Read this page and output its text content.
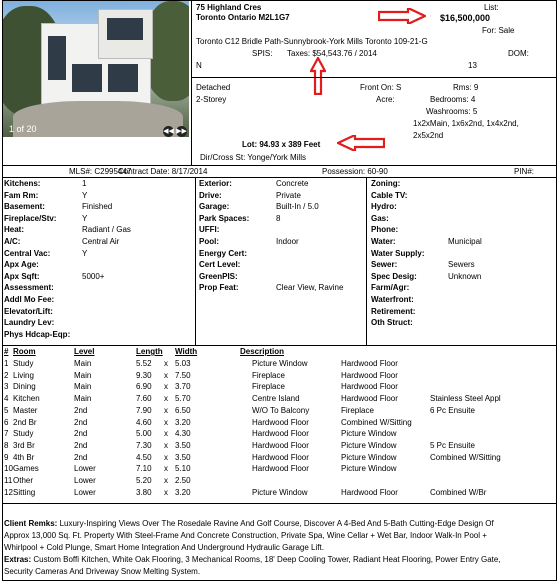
1 of 20	◀◀ ▶▶
75 Highland Cres
Toronto Ontario M2L1G7
List:
$16,500,000
For: Sale
Toronto C12 Bridle Path-Sunnybrook-York Mills Toronto 109-21-G
SPIS: Taxes: $54,543.76 / 2014	DOM:
N	13
Detached
2-Storey
Front On: S
Acre:
Rms: 9
Bedrooms: 4
Washrooms: 5
1x2xMain, 1x6x2nd, 1x4x2nd,
2x5x2nd
Lot: 94.93 x 389 Feet
Dir/Cross St: Yonge/York Mills
MLS#: C2995447
Contract Date: 8/17/2014	Possession: 60-90	PIN#:
Kitchens:	1
Fam Rm:	Y
Basement:	Finished
Fireplace/Stv:	Y
Heat:	Radiant / Gas
A/C:	Central Air
Central Vac:	Y
Apx Age:
Apx Sqft:	5000+
Assessment:
Addl Mo Fee:
Elevator/Lift:
Laundry Lev:
Phys Hdcap-Eqp:
Exterior:	Concrete
Drive:	Private
Garage:	Built-In / 5.0
Park Spaces:	8
UFFI:
Pool:	Indoor
Energy Cert:
Cert Level:
GreenPIS:
Prop Feat:	Clear View, Ravine
Zoning:
Cable TV:
Hydro:
Gas:
Phone:
Water:	Municipal
Water Supply:
Sewer:	Sewers
Spec Desig:	Unknown
Farm/Agr:
Waterfront:
Retirement:
Oth Struct:
# Room	Level	Length Width	Description
1 Study	Main	5.52 x 5.03	Picture Window	Hardwood Floor
2 Living	Main	9.30 x 7.50	Fireplace	Hardwood Floor
3 Dining	Main	6.90 x 3.70	Fireplace	Hardwood Floor
4 Kitchen	Main	7.60 x 5.70	Centre Island	Hardwood Floor	Stainless Steel Appl
5 Master	2nd	7.90 x 6.50	W/O To Balcony	Fireplace	6 Pc Ensuite
6 2nd Br	2nd	4.60 x 3.20	Hardwood Floor	Combined W/Sitting
7 Study	2nd	5.00 x 4.30	Hardwood Floor	Picture Window
8 3rd Br	2nd	7.30 x 3.50	Hardwood Floor	Picture Window	5 Pc Ensuite
9 4th Br	2nd	4.50 x 3.50	Hardwood Floor	Picture Window	Combined W/Sitting
10 Games	Lower	7.10 x 5.10	Hardwood Floor	Picture Window
11 Other	Lower	5.20 x 2.50
12 Sitting	Lower	3.80 x 3.20	Picture Window	Hardwood Floor	Combined W/Br
Client Remks: Luxury-Inspiring Views Over The Rosedale Ravine And Golf Course, Discover A 4-Bed And 5-Bath Cutting-Edge Design Of
Approx 13,000 Sq. Ft. Property With Steel-Frame And Concrete Construction, Private Spa, Wine Cellar + Wet Bar, Indoor Walk-In Pool +
Whirlpool + Cold Plunge, Smart Home Integration And Underground Hydraulic Garage Lift.
Extras: Custom Boffi Kitchen, White Oak Flooring, 3 Mechanical Rooms, 18' Deep Cooling Tower, Radiant Heat Flooring, Power Entry Gate,
Security Cameras And Driveway Snow Melting System.
